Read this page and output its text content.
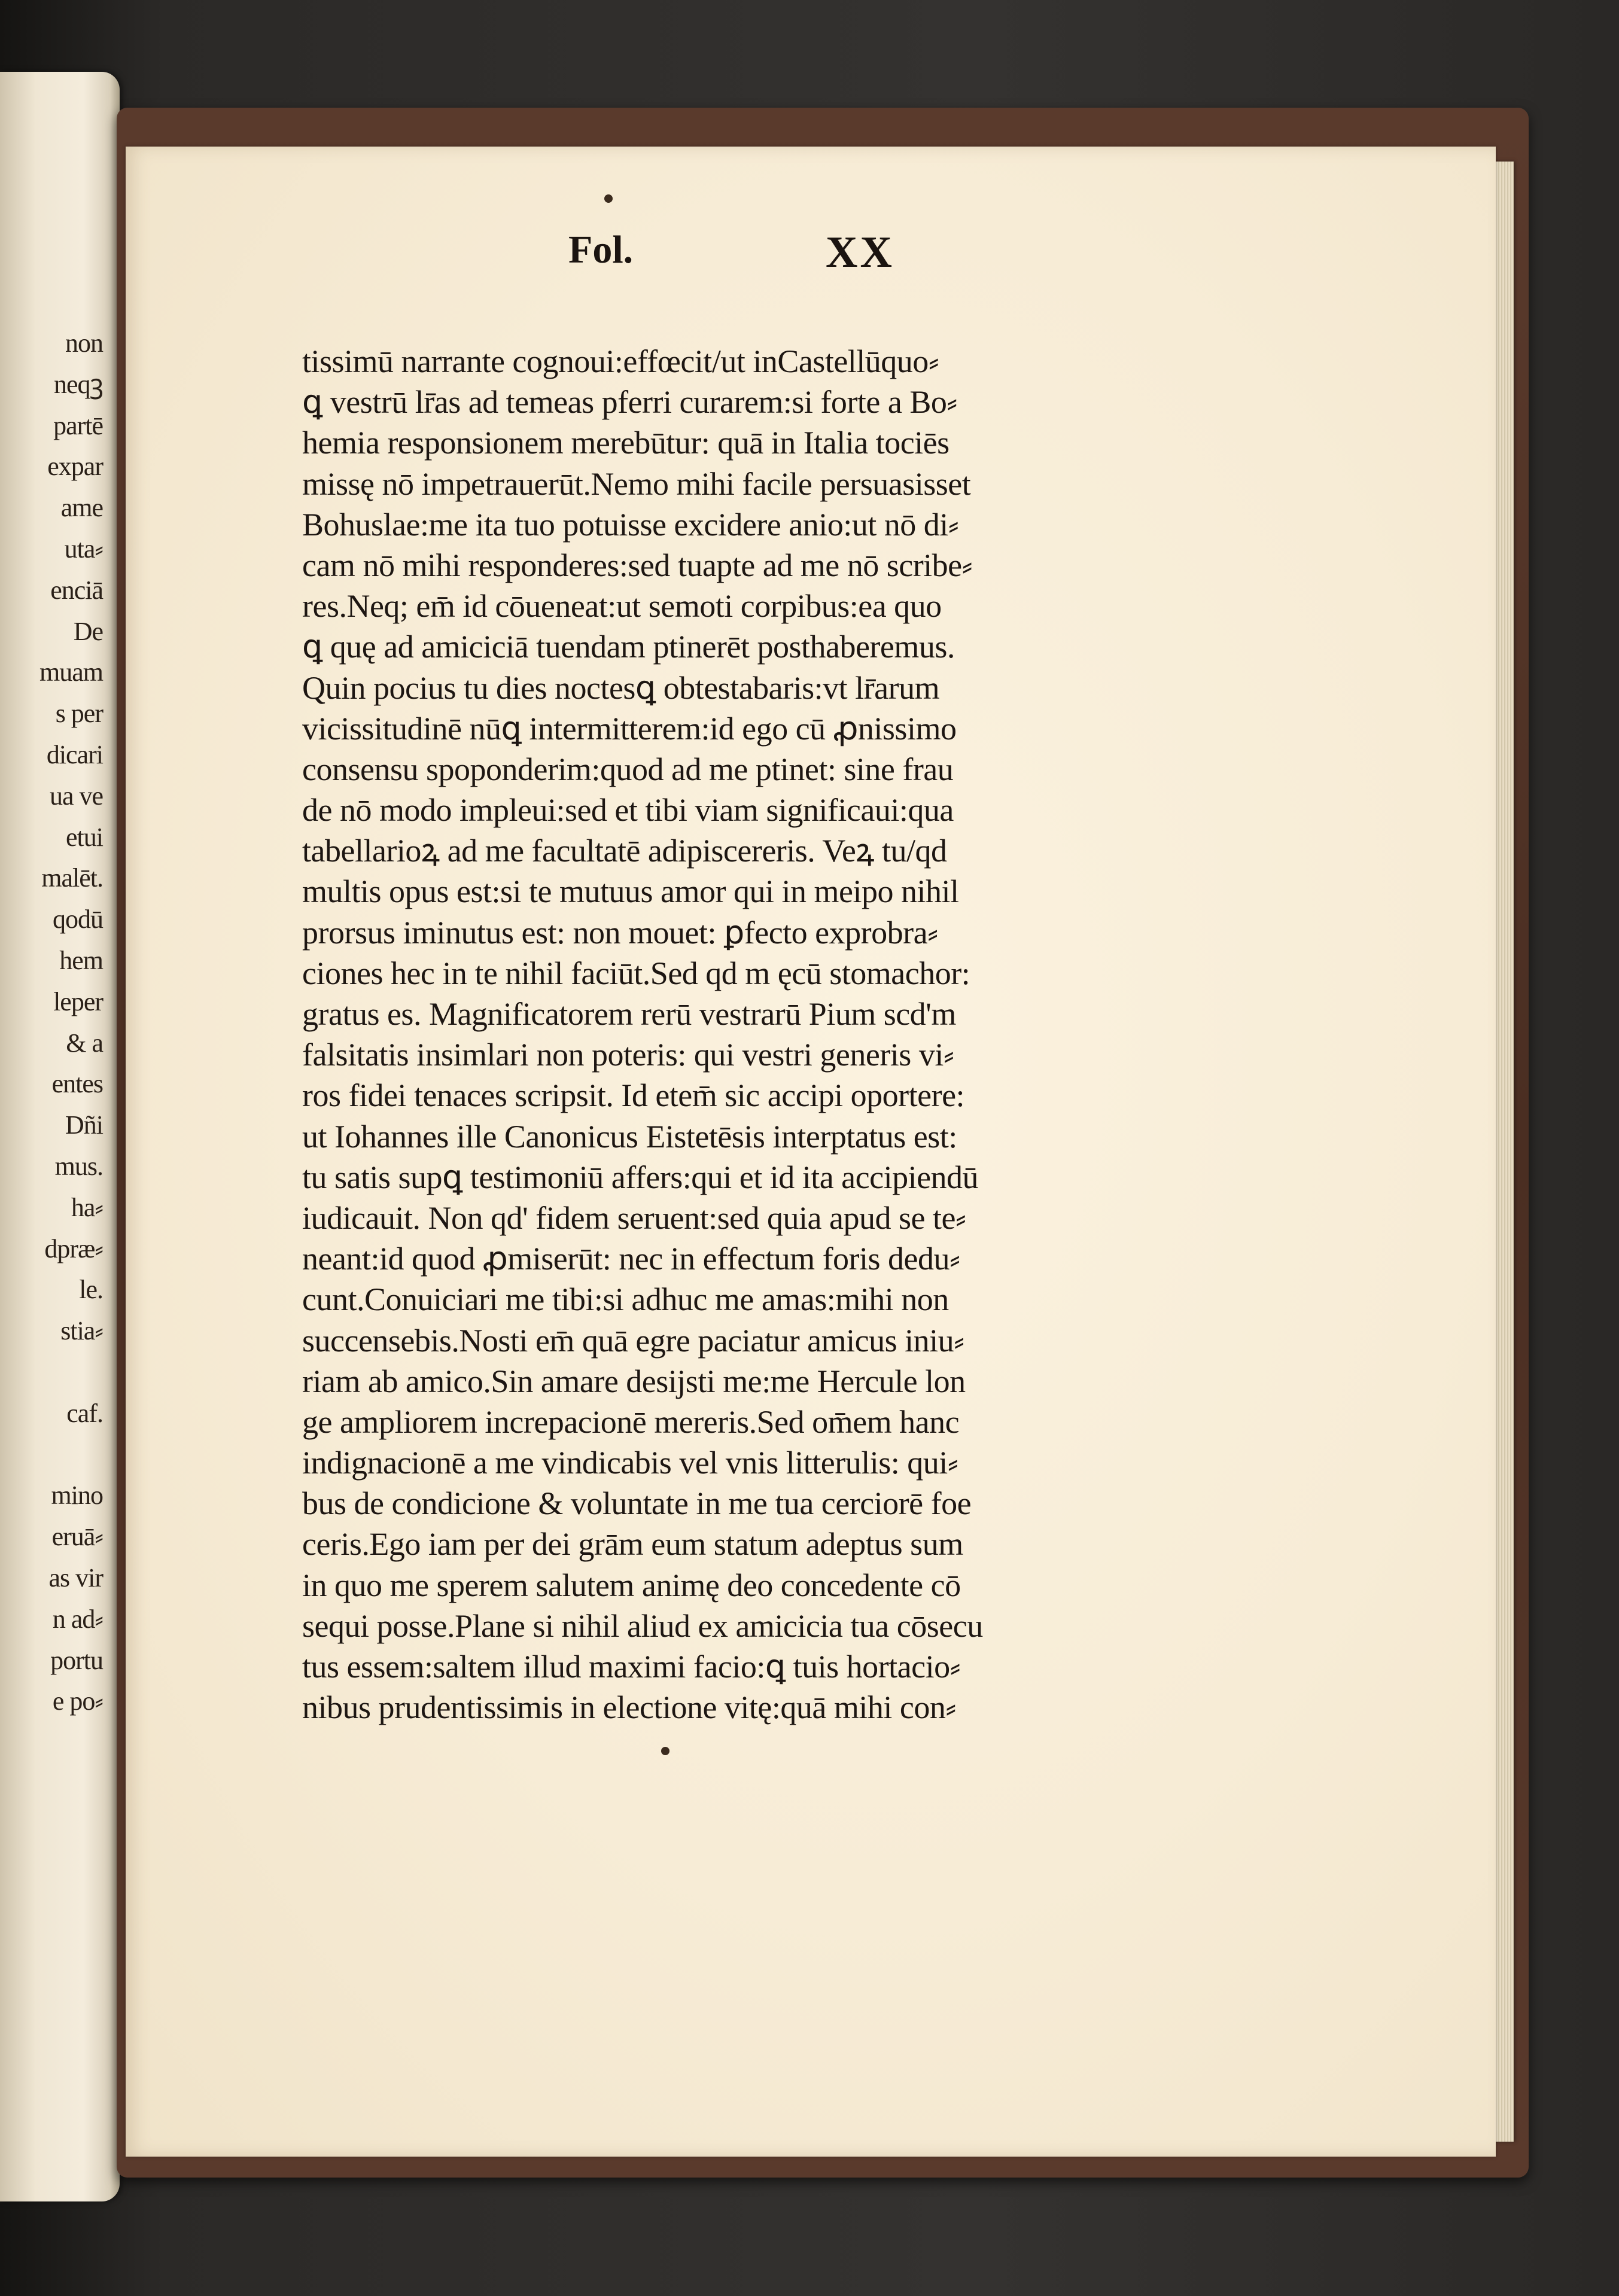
non
neqꝫ
partē
expar
ame
uta⸗
enciā
De
muam
s per
dicari
ua ve
etui
malēt.
qodū
hem
leper
& a
entes
Dñi
mus.
ha⸗
dpræ⸗
le.
stia⸗
caf.
mino
eruā⸗
as vir
n ad⸗
portu
e po⸗
Fol.	XX
tissimū narrante cognoui:effœcit/ut inCastellūquo⸗
ꝗ vestrū lr̄as ad temeas pferri curarem:si forte a Bo⸗
hemia responsionem merebūtur: quā in Italia tociēs
missę nō impetrauerūt.Nemo mihi facile persuasisset
Bohuslae:me ita tuo potuisse excidere anio:ut nō di⸗
cam nō mihi responderes:sed tuapte ad me nō scribe⸗
res.Neq; em̄ id cōueneat:ut semoti corpibus:ea quo
ꝗ quę ad amiciciā tuendam ptinerēt posthaberemus.
Quin pocius tu dies noctesꝗ obtestabaris:vt lr̄arum
vicissitudinē nūꝗ intermitterem:id ego cū ꝓnissimo
consensu spoponderim:quod ad me ptinet: sine frau
de nō modo impleui:sed et tibi viam significaui:qua
tabellarioꝝ ad me facultatē adipiscereris. Veꝝ tu/qd
multis opus est:si te mutuus amor qui in meipo nihil
prorsus iminutus est: non mouet: ꝑfecto exprobra⸗
ciones hec in te nihil faciūt.Sed qd m ęcū stomachor:
gratus es. Magnificatorem rerū vestrarū Pium scd'm
falsitatis insimlari non poteris: qui vestri generis vi⸗
ros fidei tenaces scripsit. Id etem̄ sic accipi oportere:
ut Iohannes ille Canonicus Eistetēsis interptatus est:
tu satis supꝗ testimoniū affers:qui et id ita accipiendū
iudicauit. Non qd' fidem seruent:sed quia apud se te⸗
neant:id quod ꝓmiserūt: nec in effectum foris dedu⸗
cunt.Conuiciari me tibi:si adhuc me amas:mihi non
succensebis.Nosti em̄ quā egre paciatur amicus iniu⸗
riam ab amico.Sin amare desijsti me:me Hercule lon
ge ampliorem increpacionē mereris.Sed om̄em hanc
indignacionē a me vindicabis vel vnis litterulis: qui⸗
bus de condicione & voluntate in me tua cerciorē foe
ceris.Ego iam per dei grām eum statum adeptus sum
in quo me sperem salutem animę deo concedente cō
sequi posse.Plane si nihil aliud ex amicicia tua cōsecu
tus essem:saltem illud maximi facio:ꝗ tuis hortacio⸗
nibus prudentissimis in electione vitę:quā mihi con⸗
